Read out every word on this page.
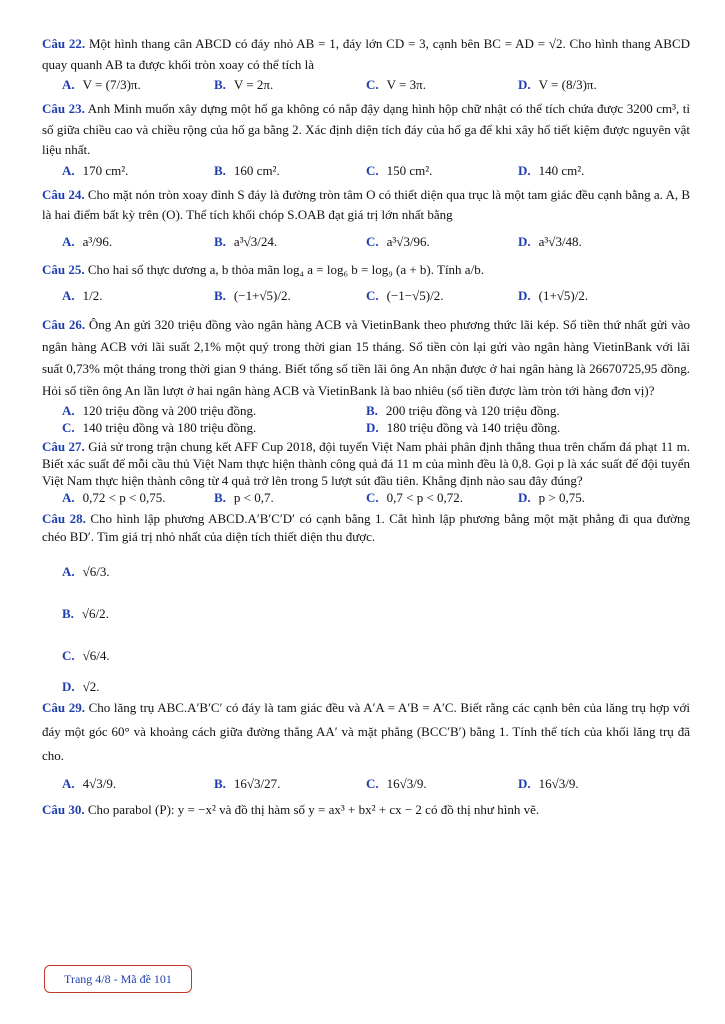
Câu 22. Một hình thang cân ABCD có đáy nhỏ AB = 1, đáy lớn CD = 3, cạnh bên BC = AD = √2. Cho hình thang ABCD quay quanh AB ta được khối tròn xoay có thể tích là

A. V = (7/3)π.	B. V = 2π.	C. V = 3π.	D. V = (8/3)π.

Câu 23. Anh Minh muốn xây dựng một hố ga không có nắp đậy dạng hình hộp chữ nhật có thể tích chứa được 3200 cm³, tỉ số giữa chiều cao và chiều rộng của hố ga bằng 2. Xác định diện tích đáy của hố ga để khi xây hố tiết kiệm được nguyên vật liệu nhất.

A. 170 cm².	B. 160 cm².	C. 150 cm².	D. 140 cm².

Câu 24. Cho mặt nón tròn xoay đỉnh S đáy là đường tròn tâm O có thiết diện qua trục là một tam giác đều cạnh bằng a. A, B là hai điểm bất kỳ trên (O). Thể tích khối chóp S.OAB đạt giá trị lớn nhất bằng

A. a³/96.	B. a³√3/24.	C. a³√3/96.	D. a³√3/48.

Câu 25. Cho hai số thực dương a, b thỏa mãn log₄ a = log₆ b = log₉ (a + b). Tính a/b.

A. 1/2.	B. (−1+√5)/2.	C. (−1−√5)/2.	D. (1+√5)/2.

Câu 26. Ông An gửi 320 triệu đồng vào ngân hàng ACB và VietinBank theo phương thức lãi kép. Số tiền thứ nhất gửi vào ngân hàng ACB với lãi suất 2,1% một quý trong thời gian 15 tháng. Số tiền còn lại gửi vào ngân hàng VietinBank với lãi suất 0,73% một tháng trong thời gian 9 tháng. Biết tổng số tiền lãi ông An nhận được ở hai ngân hàng là 26670725,95 đồng. Hỏi số tiền ông An lần lượt ở hai ngân hàng ACB và VietinBank là bao nhiêu (số tiền được làm tròn tới hàng đơn vị)?

A. 120 triệu đồng và 200 triệu đồng.	B. 200 triệu đồng và 120 triệu đồng.
C. 140 triệu đồng và 180 triệu đồng.	D. 180 triệu đồng và 140 triệu đồng.

Câu 27. Giả sử trong trận chung kết AFF Cup 2018, đội tuyển Việt Nam phải phân định thắng thua trên chấm đá phạt 11 m. Biết xác suất để mỗi cầu thủ Việt Nam thực hiện thành công quả đá 11 m của mình đều là 0,8. Gọi p là xác suất để đội tuyển Việt Nam thực hiện thành công từ 4 quả trở lên trong 5 lượt sút đầu tiên. Khẳng định nào sau đây đúng?

A. 0,72 < p < 0,75.	B. p < 0,7.	C. 0,7 < p < 0,72.	D. p > 0,75.

Câu 28. Cho hình lập phương ABCD.A′B′C′D′ có cạnh bằng 1. Cắt hình lập phương bằng một mặt phẳng đi qua đường chéo BD′. Tìm giá trị nhỏ nhất của diện tích thiết diện thu được.

A. √6/3.
B. √6/2.
C. √6/4.
D. √2.

Câu 29. Cho lăng trụ ABC.A′B′C′ có đáy là tam giác đều và A′A = A′B = A′C. Biết rằng các cạnh bên của lăng trụ hợp với đáy một góc 60° và khoảng cách giữa đường thẳng AA′ và mặt phẳng (BCC′B′) bằng 1. Tính thể tích của khối lăng trụ đã cho.

A. 4√3/9.	B. 16√3/27.	C. 16√3/9.	D. 16√3/9.

Câu 30. Cho parabol (P): y = −x² và đồ thị hàm số y = ax³ + bx² + cx − 2 có đồ thị như hình vẽ.

Trang 4/8 - Mã đề 101
